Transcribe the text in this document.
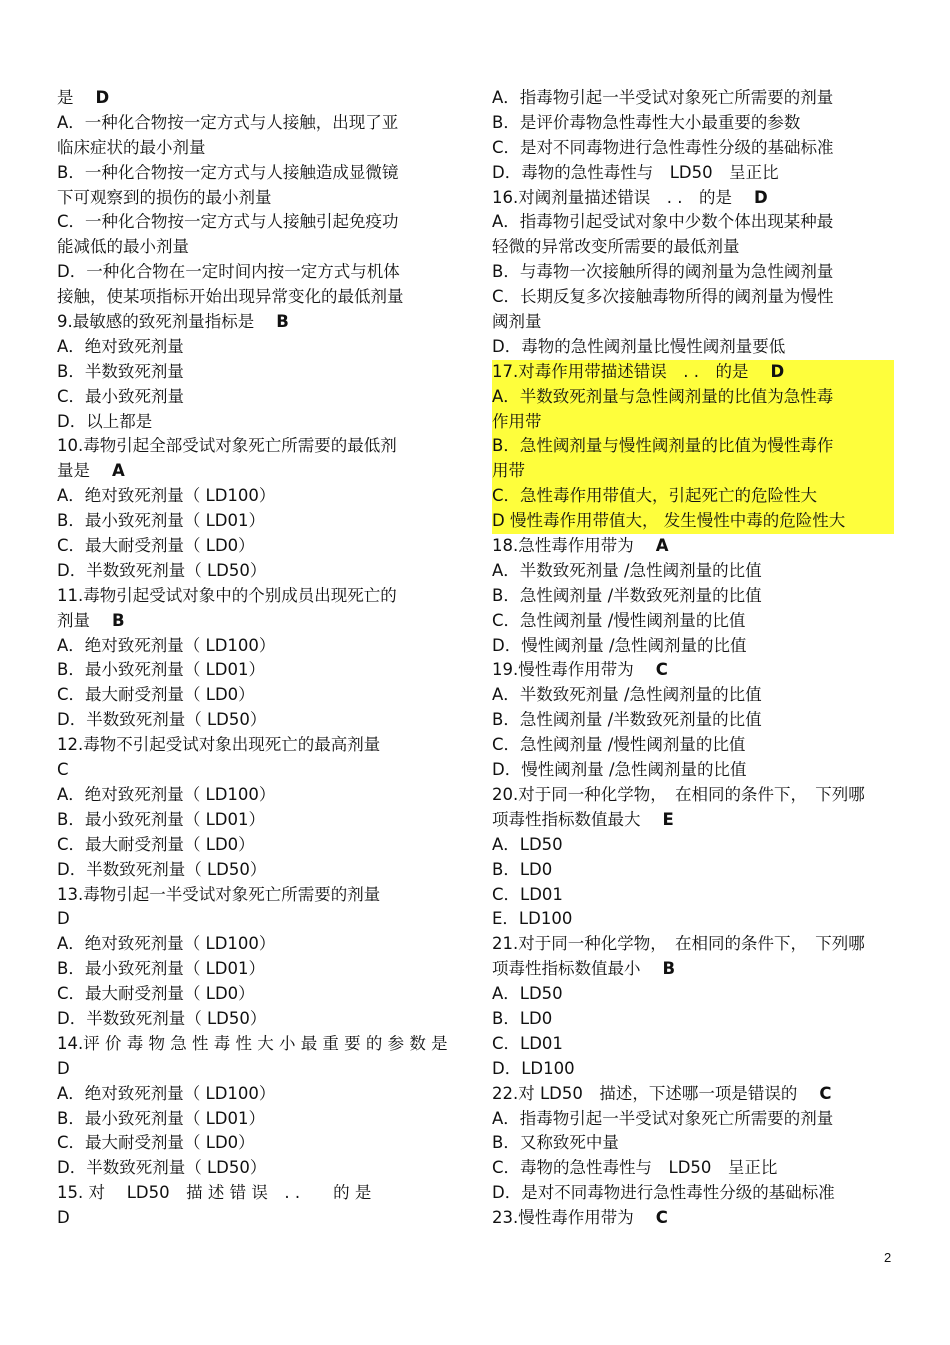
是 D
A．一种化合物按一定方式与人接触，出现了亚
临床症状的最小剂量
B．一种化合物按一定方式与人接触造成显微镜
下可观察到的损伤的最小剂量
C．一种化合物按一定方式与人接触引起免疫功
能减低的最小剂量
D．一种化合物在一定时间内按一定方式与机体
接触，使某项指标开始出现异常变化的最低剂量
9.最敏感的致死剂量指标是 B
A．绝对致死剂量
B．半数致死剂量
C．最小致死剂量
D．以上都是
10.毒物引起全部受试对象死亡所需要的最低剂
量是 A
A．绝对致死剂量（ LD100）
B．最小致死剂量（ LD01）
C．最大耐受剂量（ LD0）
D．半数致死剂量（ LD50）
11.毒物引起受试对象中的个别成员出现死亡的
剂量 B
A．绝对致死剂量（ LD100）
B．最小致死剂量（ LD01）
C．最大耐受剂量（ LD0）
D．半数致死剂量（ LD50）
12.毒物不引起受试对象出现死亡的最高剂量
C
A．绝对致死剂量（ LD100）
B．最小致死剂量（ LD01）
C．最大耐受剂量（ LD0）
D．半数致死剂量（ LD50）
13.毒物引起一半受试对象死亡所需要的剂量
D
A．绝对致死剂量（ LD100）
B．最小致死剂量（ LD01）
C．最大耐受剂量（ LD0）
D．半数致死剂量（ LD50）
14.评 价 毒 物 急 性 毒 性 大 小 最 重 要 的 参 数 是
D
A．绝对致死剂量（ LD100）
B．最小致死剂量（ LD01）
C．最大耐受剂量（ LD0）
D．半数致死剂量（ LD50）
15. 对　 LD50　描 述 错 误　. .　　的 是
D
A．指毒物引起一半受试对象死亡所需要的剂量
B．是评价毒物急性毒性大小最重要的参数
C．是对不同毒物进行急性毒性分级的基础标准
D．毒物的急性毒性与　LD50　呈正比
16.对阈剂量描述错误　. .　的是 D
A．指毒物引起受试对象中少数个体出现某种最
轻微的异常改变所需要的最低剂量
B．与毒物一次接触所得的阈剂量为急性阈剂量
C．长期反复多次接触毒物所得的阈剂量为慢性
阈剂量
D．毒物的急性阈剂量比慢性阈剂量要低
17.对毒作用带描述错误　. .　的是 D
A．半数致死剂量与急性阈剂量的比值为急性毒
作用带
B．急性阈剂量与慢性阈剂量的比值为慢性毒作
用带
C．急性毒作用带值大，引起死亡的危险性大
D 慢性毒作用带值大， 发生慢性中毒的危险性大
18.急性毒作用带为 A
A．半数致死剂量 /急性阈剂量的比值
B．急性阈剂量 /半数致死剂量的比值
C．急性阈剂量 /慢性阈剂量的比值
D．慢性阈剂量 /急性阈剂量的比值
19.慢性毒作用带为 C
A．半数致死剂量 /急性阈剂量的比值
B．急性阈剂量 /半数致死剂量的比值
C．急性阈剂量 /慢性阈剂量的比值
D．慢性阈剂量 /急性阈剂量的比值
20.对于同一种化学物，　在相同的条件下，　下列哪
项毒性指标数值最大 E
A．LD50
B．LD0
C．LD01
E．LD100
21.对于同一种化学物，　在相同的条件下，　下列哪
项毒性指标数值最小 B
A．LD50
B．LD0
C．LD01
D．LD100
22.对 LD50　描述，下述哪一项是错误的 C
A．指毒物引起一半受试对象死亡所需要的剂量
B．又称致死中量
C．毒物的急性毒性与　LD50　呈正比
D．是对不同毒物进行急性毒性分级的基础标准
23.慢性毒作用带为 C
2
